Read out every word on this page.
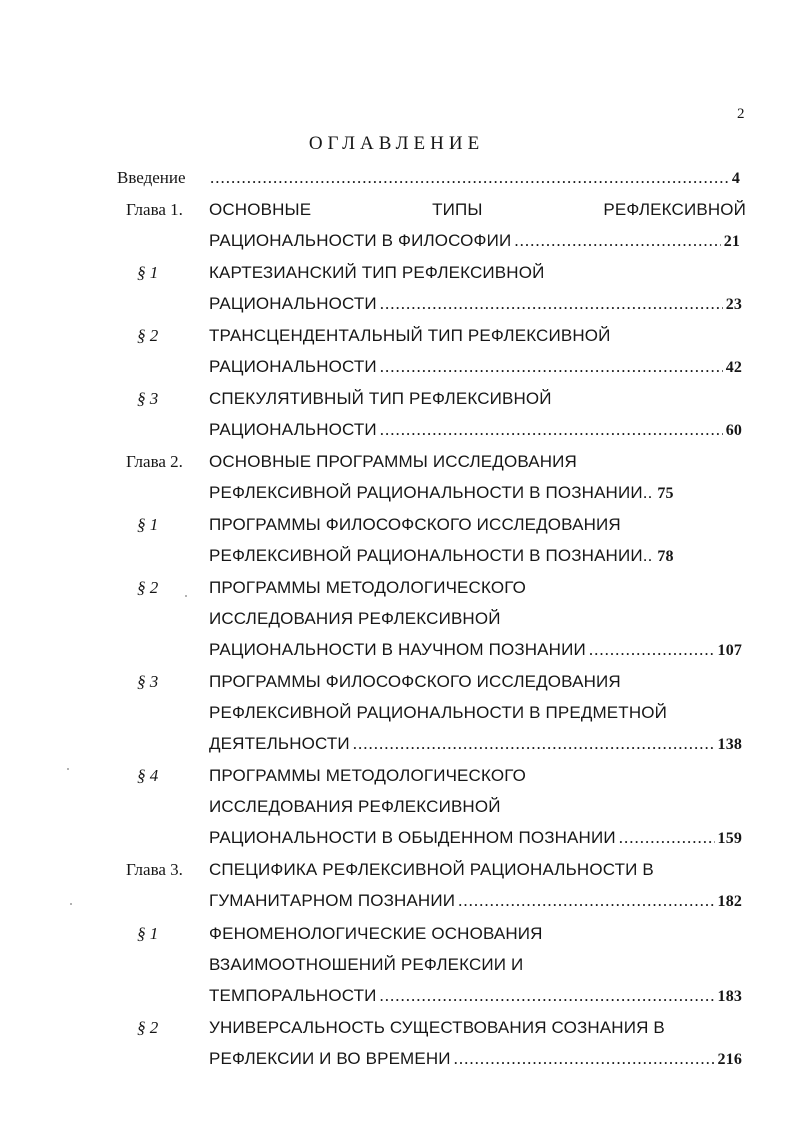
2
ОГЛАВЛЕНИЕ
Введение .....	4
Глава 1. ОСНОВНЫЕ	ТИПЫ	РЕФЛЕКСИВНОЙ
РАЦИОНАЛЬНОСТИ В ФИЛОСОФИИ .....	21
§ 1	КАРТЕЗИАНСКИЙ ТИП РЕФЛЕКСИВНОЙ
РАЦИОНАЛЬНОСТИ .....	23
§ 2	ТРАНСЦЕНДЕНТАЛЬНЫЙ ТИП РЕФЛЕКСИВНОЙ
РАЦИОНАЛЬНОСТИ .....	42
§ 3	СПЕКУЛЯТИВНЫЙ ТИП РЕФЛЕКСИВНОЙ
РАЦИОНАЛЬНОСТИ .....	60
Глава 2. ОСНОВНЫЕ ПРОГРАММЫ ИССЛЕДОВАНИЯ
РЕФЛЕКСИВНОЙ РАЦИОНАЛЬНОСТИ В ПОЗНАНИИ.. 75
§ 1	ПРОГРАММЫ ФИЛОСОФСКОГО ИССЛЕДОВАНИЯ
РЕФЛЕКСИВНОЙ РАЦИОНАЛЬНОСТИ В ПОЗНАНИИ.. 78
§ 2	ПРОГРАММЫ МЕТОДОЛОГИЧЕСКОГО
ИССЛЕДОВАНИЯ РЕФЛЕКСИВНОЙ
РАЦИОНАЛЬНОСТИ В НАУЧНОМ ПОЗНАНИИ .....	107
§ 3	ПРОГРАММЫ ФИЛОСОФСКОГО ИССЛЕДОВАНИЯ
РЕФЛЕКСИВНОЙ РАЦИОНАЛЬНОСТИ В ПРЕДМЕТНОЙ
ДЕЯТЕЛЬНОСТИ .....	138
§ 4	ПРОГРАММЫ МЕТОДОЛОГИЧЕСКОГО
ИССЛЕДОВАНИЯ РЕФЛЕКСИВНОЙ
РАЦИОНАЛЬНОСТИ В ОБЫДЕННОМ ПОЗНАНИИ .....	159
Глава 3. СПЕЦИФИКА РЕФЛЕКСИВНОЙ РАЦИОНАЛЬНОСТИ В
ГУМАНИТАРНОМ ПОЗНАНИИ .....	182
§ 1	ФЕНОМЕНОЛОГИЧЕСКИЕ ОСНОВАНИЯ
ВЗАИМООТНОШЕНИЙ РЕФЛЕКСИИ И
ТЕМПОРАЛЬНОСТИ .....	183
§ 2	УНИВЕРСАЛЬНОСТЬ СУЩЕСТВОВАНИЯ СОЗНАНИЯ В
РЕФЛЕКСИИ И ВО ВРЕМЕНИ .....	216
